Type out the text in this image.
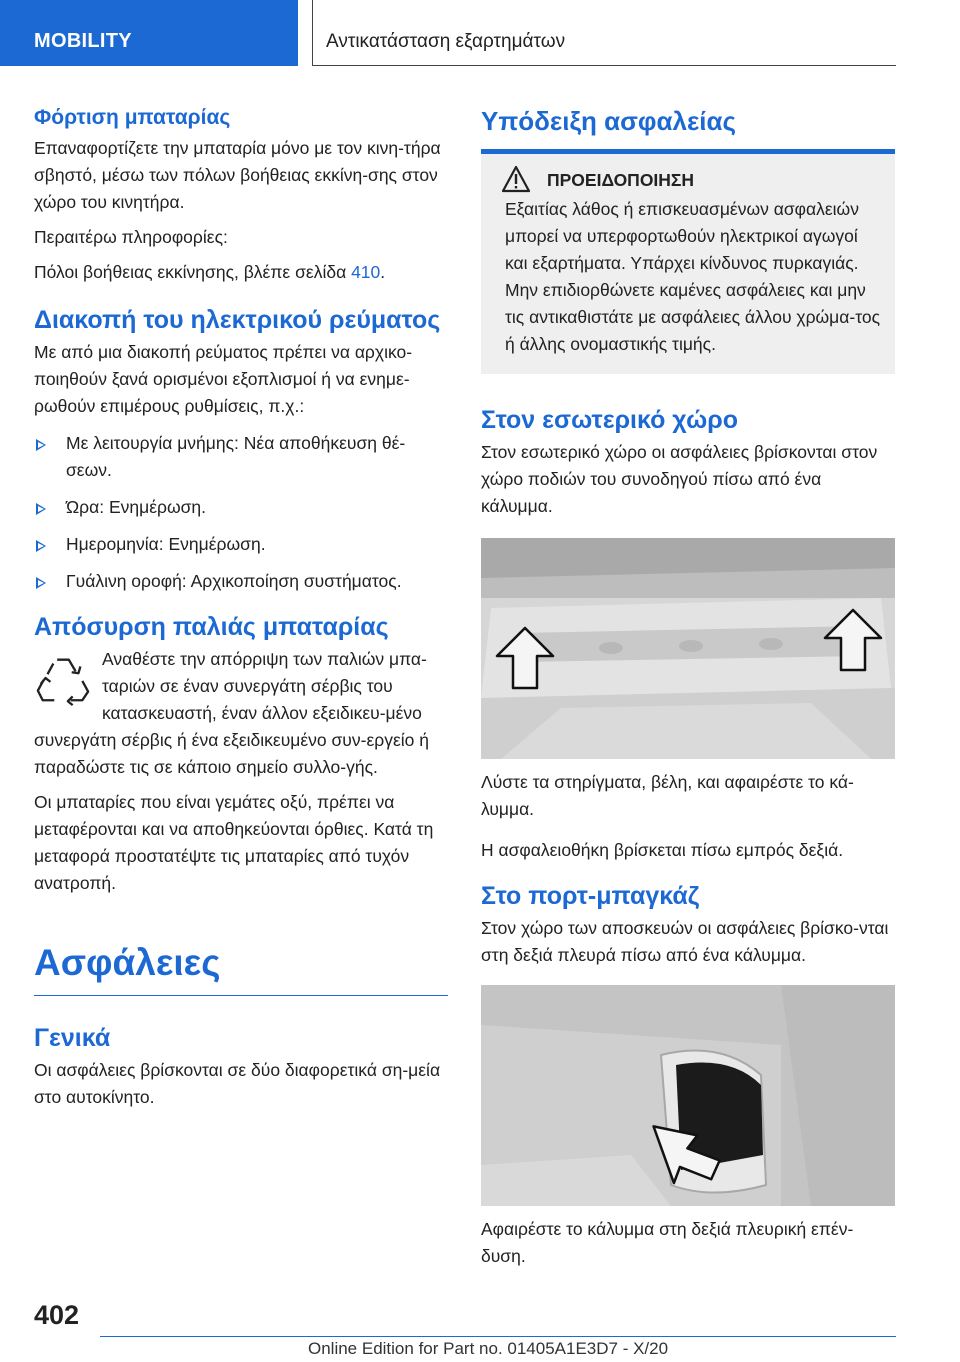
MOBILITY	Αντικατάσταση εξαρτημάτων
Φόρτιση μπαταρίας

Επαναφορτίζετε την μπαταρία μόνο με τον κινη‐τήρα σβηστό, μέσω των πόλων βοήθειας εκκίνη‐σης στον χώρο του κινητήρα.

Περαιτέρω πληροφορίες:

Πόλοι βοήθειας εκκίνησης, βλέπε σελίδα 410.

Διακοπή του ηλεκτρικού ρεύματος

Με από μια διακοπή ρεύματος πρέπει να αρχικο‐ποιηθούν ξανά ορισμένοι εξοπλισμοί ή να ενημε‐ρωθούν επιμέρους ρυθμίσεις, π.χ.:

Με λειτουργία μνήμης: Νέα αποθήκευση θέ‐σεων.
Ώρα: Ενημέρωση.
Ημερομηνία: Ενημέρωση.
Γυάλινη οροφή: Αρχικοποίηση συστήματος.
Απόσυρση παλιάς μπαταρίας

Αναθέστε την απόρριψη των παλιών μπα‐ταριών σε έναν συνεργάτη σέρβις του κατασκευαστή, έναν άλλον εξειδικευ‐μένο συνεργάτη σέρβις ή ένα εξειδικευμένο συν‐εργείο ή παραδώστε τις σε κάποιο σημείο συλλο‐γής.

Οι μπαταρίες που είναι γεμάτες οξύ, πρέπει να μεταφέρονται και να αποθηκεύονται όρθιες. Κατά τη μεταφορά προστατέψτε τις μπαταρίες από τυχόν ανατροπή.

Ασφάλειες
Γενικά

Οι ασφάλειες βρίσκονται σε δύο διαφορετικά ση‐μεία στο αυτοκίνητο.

Υπόδειξη ασφαλείας
ΠΡΟΕΙΔΟΠΟΙΗΣΗ

Εξαιτίας λάθος ή επισκευασμένων ασφαλειών μπορεί να υπερφορτωθούν ηλεκτρικοί αγωγοί και εξαρτήματα. Υπάρχει κίνδυνος πυρκαγιάς. Μην επιδιορθώνετε καμένες ασφάλειες και μην τις αντικαθιστάτε με ασφάλειες άλλου χρώμα‐τος ή άλλης ονομαστικής τιμής.

Στον εσωτερικό χώρο

Στον εσωτερικό χώρο οι ασφάλειες βρίσκονται στον χώρο ποδιών του συνοδηγού πίσω από ένα κάλυμμα.

Λύστε τα στηρίγματα, βέλη, και αφαιρέστε το κά‐λυμμα.

Η ασφαλειοθήκη βρίσκεται πίσω εμπρός δεξιά.

Στο πορτ-μπαγκάζ

Στον χώρο των αποσκευών οι ασφάλειες βρίσκο‐νται στη δεξιά πλευρά πίσω από ένα κάλυμμα.

Αφαιρέστε το κάλυμμα στη δεξιά πλευρική επέν‐δυση.

402
Online Edition for Part no. 01405A1E3D7 - X/20
